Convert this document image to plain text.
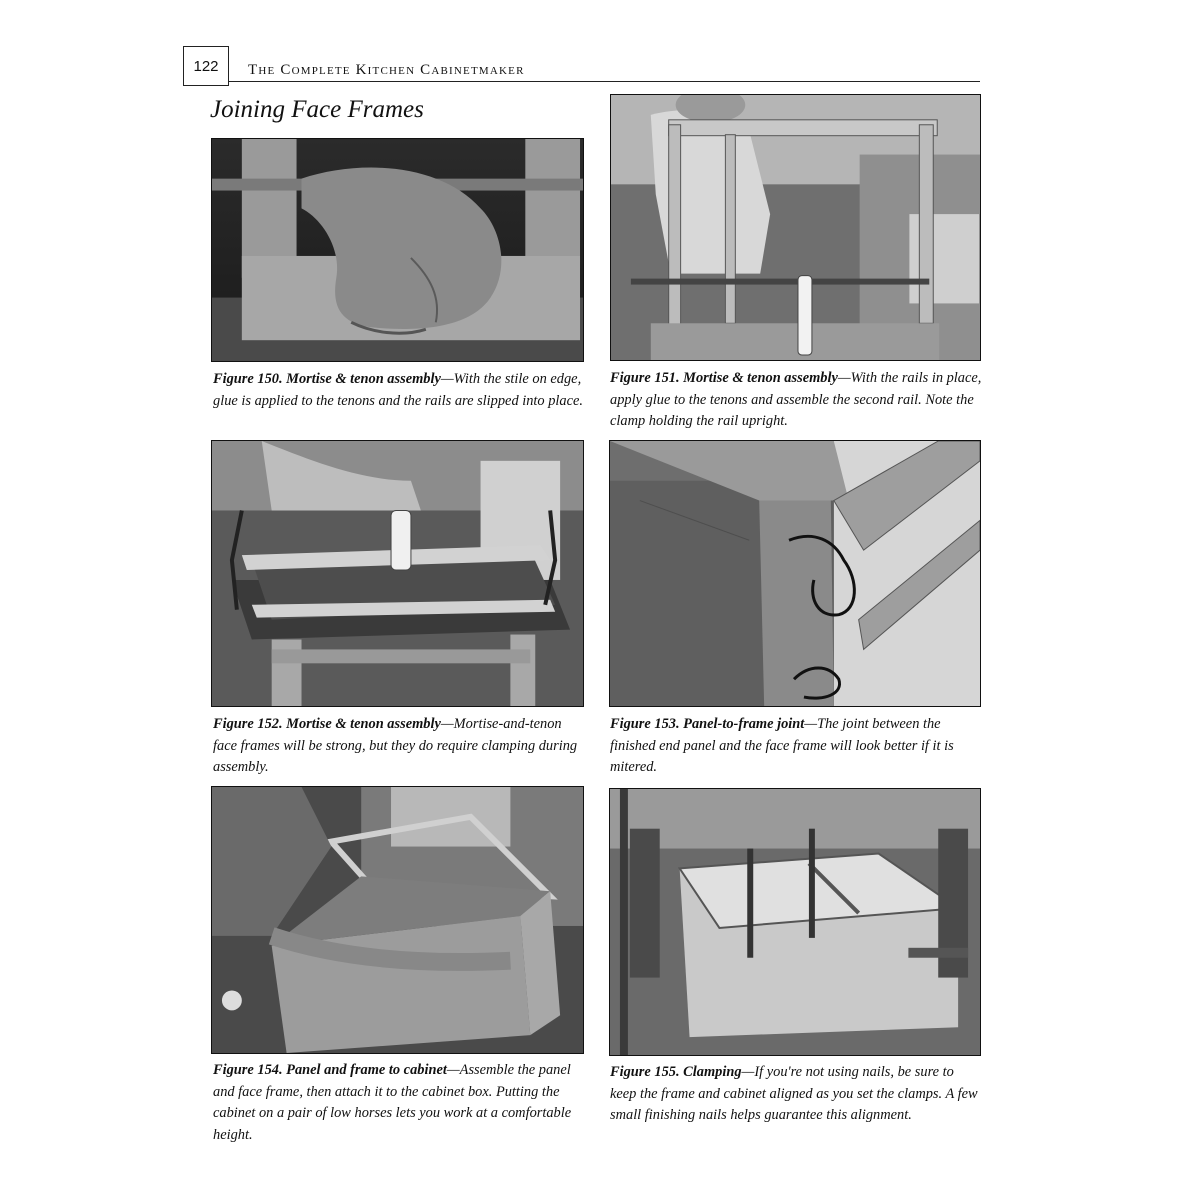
122 The Complete Kitchen Cabinetmaker
Joining Face Frames
Figure 150. Mortise & tenon assembly—With the stile on edge, glue is applied to the tenons and the rails are slipped into place.
Figure 151. Mortise & tenon assembly—With the rails in place, apply glue to the tenons and assemble the second rail. Note the clamp holding the rail upright.
Figure 152. Mortise & tenon assembly—Mortise-and-tenon face frames will be strong, but they do require clamping during assembly.
Figure 153. Panel-to-frame joint—The joint between the finished end panel and the face frame will look better if it is mitered.
Figure 154. Panel and frame to cabinet—Assemble the panel and face frame, then attach it to the cabinet box. Putting the cabinet on a pair of low horses lets you work at a comfortable height.
Figure 155. Clamping—If you're not using nails, be sure to keep the frame and cabinet aligned as you set the clamps. A few small finishing nails helps guarantee this alignment.
